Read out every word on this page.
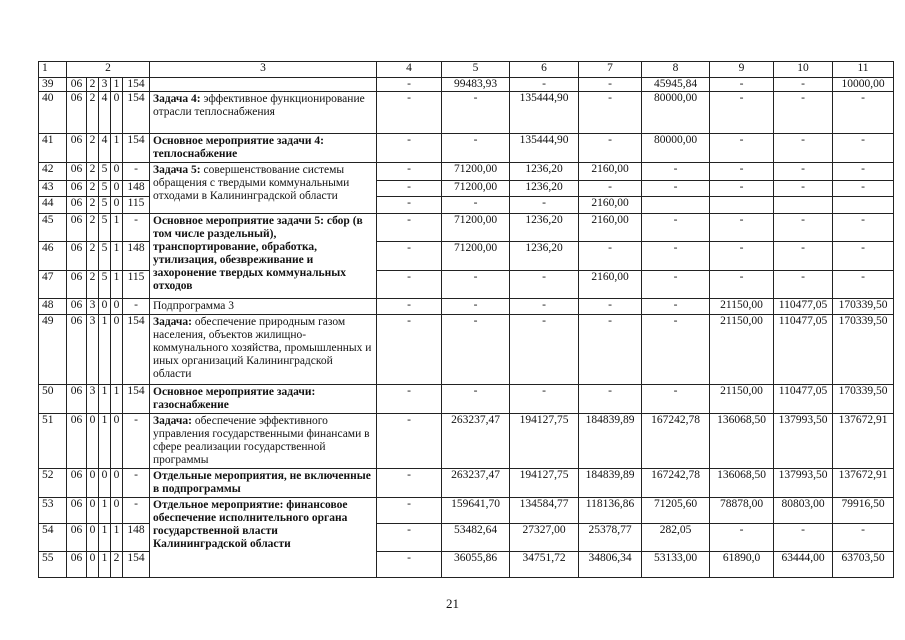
1	2					3	4	5	6	7	8	9	10	11
39	06	2	3	1	154		-	99483,93	-	-	45945,84	-	-	10000,00
40	06	2	4	0	154	Задача 4: эффективное функционирование отрасли теплоснабжения	-	-	135444,90	-	80000,00	-	-	-
41	06	2	4	1	154	Основное мероприятие задачи 4: теплоснабжение	-	-	135444,90	-	80000,00	-	-	-
42	06	2	5	0	-	Задача 5: совершенствование системы обращения с твердыми коммунальными отходами в Калининградской области	-	71200,00	1236,20	2160,00	-	-	-	-
43	06	2	5	0	148		-	71200,00	1236,20	-	-	-	-	-
44	06	2	5	0	115		-	-	-	2160,00				
45	06	2	5	1	-	Основное мероприятие задачи 5: сбор (в том числе раздельный), транспортирование, обработка, утилизация, обезвреживание и захоронение твердых коммунальных отходов	-	71200,00	1236,20	2160,00	-	-	-	-
46	06	2	5	1	148		-	71200,00	1236,20	-	-	-	-	-
47	06	2	5	1	115		-	-	-	2160,00	-	-	-	-
48	06	3	0	0	-	Подпрограмма 3	-	-	-	-	-	21150,00	110477,05	170339,50
49	06	3	1	0	154	Задача: обеспечение природным газом населения, объектов жилищно-коммунального хозяйства, промышленных и иных организаций Калининградской области	-	-	-	-	-	21150,00	110477,05	170339,50
50	06	3	1	1	154	Основное мероприятие задачи: газоснабжение	-	-	-	-	-	21150,00	110477,05	170339,50
51	06	0	1	0	-	Задача: обеспечение эффективного управления государственными финансами в сфере реализации государственной программы	-	263237,47	194127,75	184839,89	167242,78	136068,50	137993,50	137672,91
52	06	0	0	0	-	Отдельные мероприятия, не включенные в подпрограммы	-	263237,47	194127,75	184839,89	167242,78	136068,50	137993,50	137672,91
53	06	0	1	0	-	Отдельное мероприятие: финансовое обеспечение исполнительного органа государственной власти Калининградской области	-	159641,70	134584,77	118136,86	71205,60	78878,00	80803,00	79916,50
54	06	0	1	1	148		-	53482,64	27327,00	25378,77	282,05	-	-	-
55	06	0	1	2	154		-	36055,86	34751,72	34806,34	53133,00	61890,0	63444,00	63703,50
21
